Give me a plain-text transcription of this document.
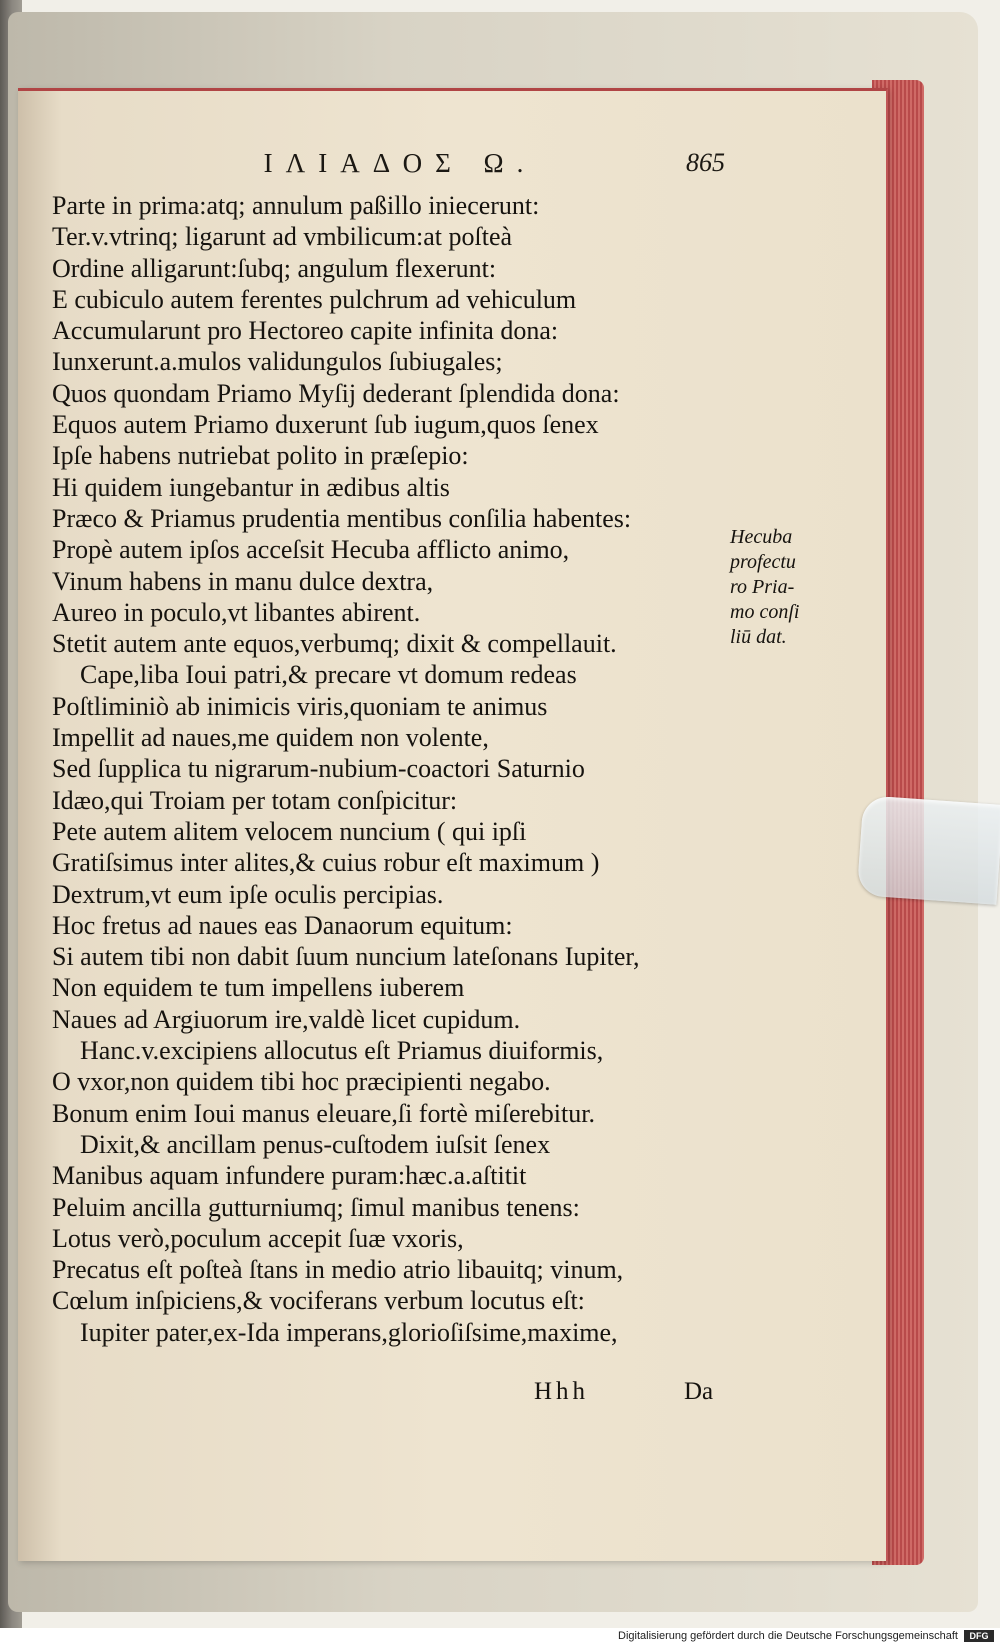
ΙΛΙΑΔΟΣ Ω.	865
Parte in prima:atq; annulum paßillo iniecerunt:
Ter.v.vtrinq; ligarunt ad vmbilicum:at poſteà
Ordine alligarunt:ſubq; angulum flexerunt:
E cubiculo autem ferentes pulchrum ad vehiculum
Accumularunt pro Hectoreo capite infinita dona:
Iunxerunt.a.mulos validungulos ſubiugales;
Quos quondam Priamo Myſij dederant ſplendida dona:
Equos autem Priamo duxerunt ſub iugum,quos ſenex
Ipſe habens nutriebat polito in præſepio:
Hi quidem iungebantur in ædibus altis
Præco & Priamus prudentia mentibus conſilia habentes:
Propè autem ipſos acceſsit Hecuba afflicto animo,
Vinum habens in manu dulce dextra,
Aureo in poculo,vt libantes abirent.
Stetit autem ante equos,verbumq; dixit & compellauit.
Cape,liba Ioui patri,& precare vt domum redeas
Poſtliminiò ab inimicis viris,quoniam te animus
Impellit ad naues,me quidem non volente,
Sed ſupplica tu nigrarum-nubium-coactori Saturnio
Idæo,qui Troiam per totam conſpicitur:
Pete autem alitem velocem nuncium ( qui ipſi
Gratiſsimus inter alites,& cuius robur eſt maximum )
Dextrum,vt eum ipſe oculis percipias.
Hoc fretus ad naues eas Danaorum equitum:
Si autem tibi non dabit ſuum nuncium lateſonans Iupiter,
Non equidem te tum impellens iuberem
Naues ad Argiuorum ire,valdè licet cupidum.
Hanc.v.excipiens allocutus eſt Priamus diuiformis,
O vxor,non quidem tibi hoc præcipienti negabo.
Bonum enim Ioui manus eleuare,ſi fortè miſerebitur.
Dixit,& ancillam penus-cuſtodem iuſsit ſenex
Manibus aquam infundere puram:hæc.a.aſtitit
Peluim ancilla gutturniumq; ſimul manibus tenens:
Lotus verò,poculum accepit ſuæ vxoris,
Precatus eſt poſteà ſtans in medio atrio libauitq; vinum,
Cœlum inſpiciens,& vociferans verbum locutus eſt:
Iupiter pater,ex-Ida imperans,glorioſiſsime,maxime,
Hecuba
profectu
ro Pria-
mo conſi
liū dat.
Hhh	Da
Digitalisierung gefördert durch die Deutsche Forschungsgemeinschaft	DFG
